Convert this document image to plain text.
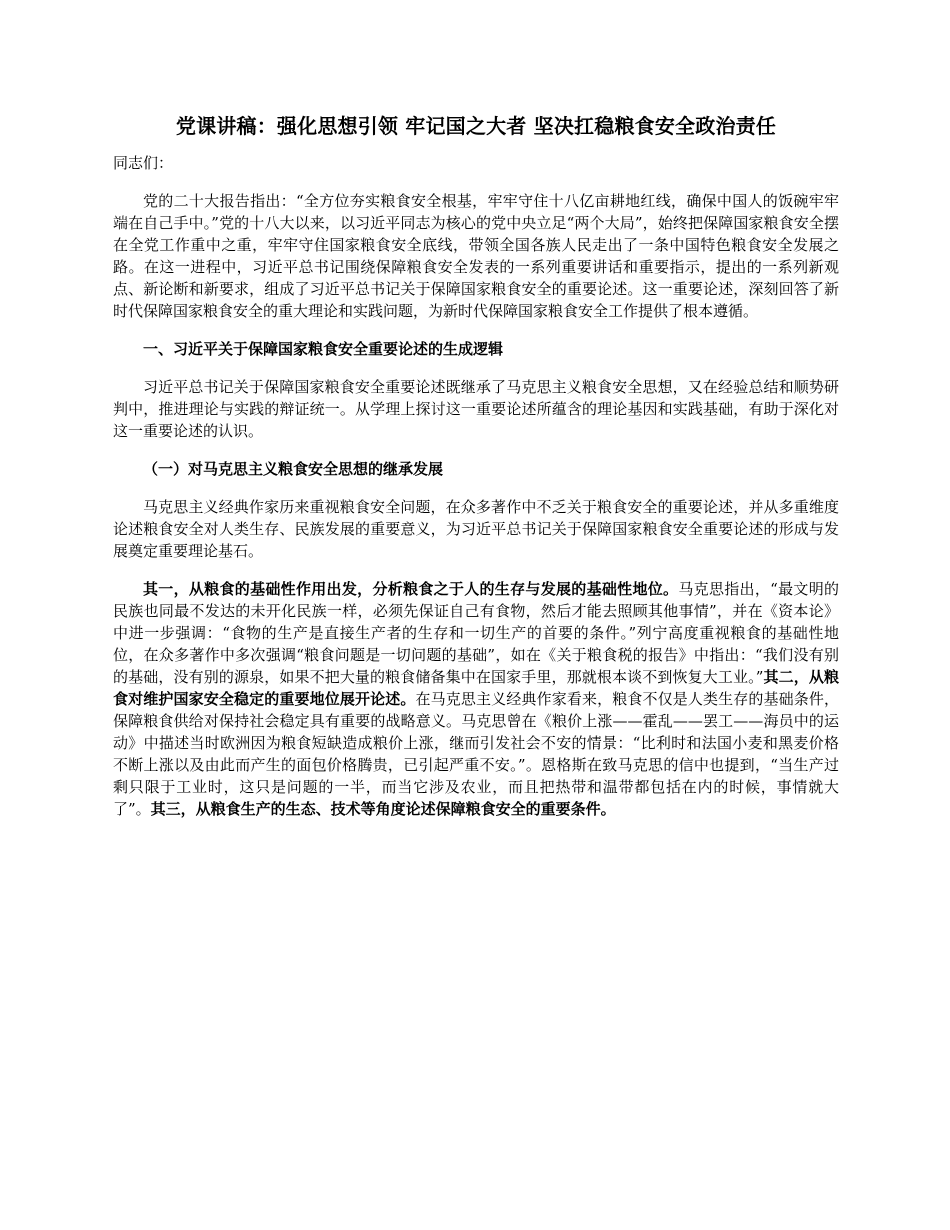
党课讲稿：强化思想引领 牢记国之大者 坚决扛稳粮食安全政治责任
同志们：

党的二十大报告指出：“全方位夯实粮食安全根基，牢牢守住十八亿亩耕地红线，确保中国人的饭碗牢牢端在自己手中。”党的十八大以来，以习近平同志为核心的党中央立足“两个大局”，始终把保障国家粮食安全摆在全党工作重中之重，牢牢守住国家粮食安全底线，带领全国各族人民走出了一条中国特色粮食安全发展之路。在这一进程中，习近平总书记围绕保障粮食安全发表的一系列重要讲话和重要指示，提出的一系列新观点、新论断和新要求，组成了习近平总书记关于保障国家粮食安全的重要论述。这一重要论述，深刻回答了新时代保障国家粮食安全的重大理论和实践问题，为新时代保障国家粮食安全工作提供了根本遵循。

一、习近平关于保障国家粮食安全重要论述的生成逻辑

习近平总书记关于保障国家粮食安全重要论述既继承了马克思主义粮食安全思想，又在经验总结和顺势研判中，推进理论与实践的辩证统一。从学理上探讨这一重要论述所蕴含的理论基因和实践基础，有助于深化对这一重要论述的认识。

（一）对马克思主义粮食安全思想的继承发展

马克思主义经典作家历来重视粮食安全问题，在众多著作中不乏关于粮食安全的重要论述，并从多重维度论述粮食安全对人类生存、民族发展的重要意义，为习近平总书记关于保障国家粮食安全重要论述的形成与发展奠定重要理论基石。

其一，从粮食的基础性作用出发，分析粮食之于人的生存与发展的基础性地位。马克思指出，“最文明的民族也同最不发达的未开化民族一样，必须先保证自己有食物，然后才能去照顾其他事情”，并在《资本论》中进一步强调：“食物的生产是直接生产者的生存和一切生产的首要的条件。”列宁高度重视粮食的基础性地位，在众多著作中多次强调“粮食问题是一切问题的基础”，如在《关于粮食税的报告》中指出：“我们没有别的基础，没有别的源泉，如果不把大量的粮食储备集中在国家手里，那就根本谈不到恢复大工业。”其二，从粮食对维护国家安全稳定的重要地位展开论述。在马克思主义经典作家看来，粮食不仅是人类生存的基础条件，保障粮食供给对保持社会稳定具有重要的战略意义。马克思曾在《粮价上涨——霍乱——罢工——海员中的运动》中描述当时欧洲因为粮食短缺造成粮价上涨，继而引发社会不安的情景：“比利时和法国小麦和黑麦价格不断上涨以及由此而产生的面包价格腾贵，已引起严重不安。”。恩格斯在致马克思的信中也提到，“当生产过剩只限于工业时，这只是问题的一半，而当它涉及农业，而且把热带和温带都包括在内的时候，事情就大了”。其三，从粮食生产的生态、技术等角度论述保障粮食安全的重要条件。
